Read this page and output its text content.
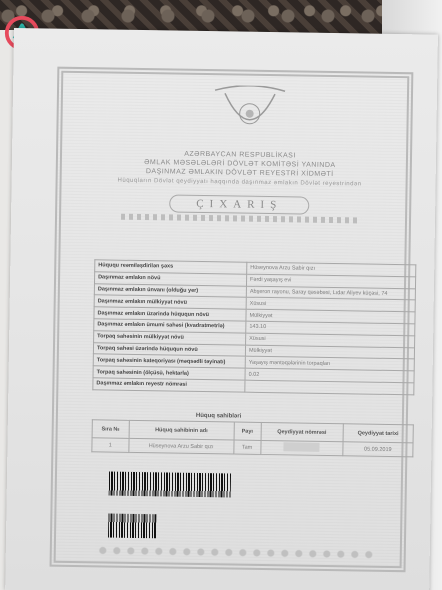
AZƏRBAYCAN RESPUBLİKASI
ƏMLAK MƏSƏLƏLƏRİ DÖVLƏT KOMİTƏSİ YANINDA
DAŞINMAZ ƏMLAKIN DÖVLƏT REYESTRİ XİDMƏTİ
Hüquqların Dövlət qeydiyyatı haqqında daşınmaz əmlakın Dövlət reyestrindən
ÇIXARIŞ
Hüququ reəmiləşdirilən şəxs	Hüseynova Arzu Sabir qızı
Daşınmaz əmlakın növü	Fərdi yaşayış evi
Daşınmaz əmlakın ünvanı (olduğu yer)	Abşeron rayonu, Saray qəsəbəsi, Lıdar Aliyev küçəsi, 74
Daşınmaz əmlakın mülkiyyət növü	Xüsusi
Daşınmaz əmlakın üzərində hüququn növü	Mülkiyyət
Daşınmaz əmlakın ümumi sahəsi (kvadratmetrlə)	143.10
Torpaq sahəsinin mülkiyyət növü	Xüsusi
Torpaq sahəsi üzərində hüququn növü	Mülkiyyət
Torpaq sahəsinin kateqoriyası (məqsədli təyinatı)	Yaşayış məntəqələrinin torpaqları
Torpaq sahəsinin (ölçüsü, hektarla)	0.02
Daşınmaz əmlakın reyestr nömrəsi	
Hüquq sahibləri
Sıra №	Hüquq sahibinin adı	Payı	Qeydiyyat nömrəsi	Qeydiyyat tarixi
1	Hüseynova Arzu Sabir qızı	Tam		05.09.2019
